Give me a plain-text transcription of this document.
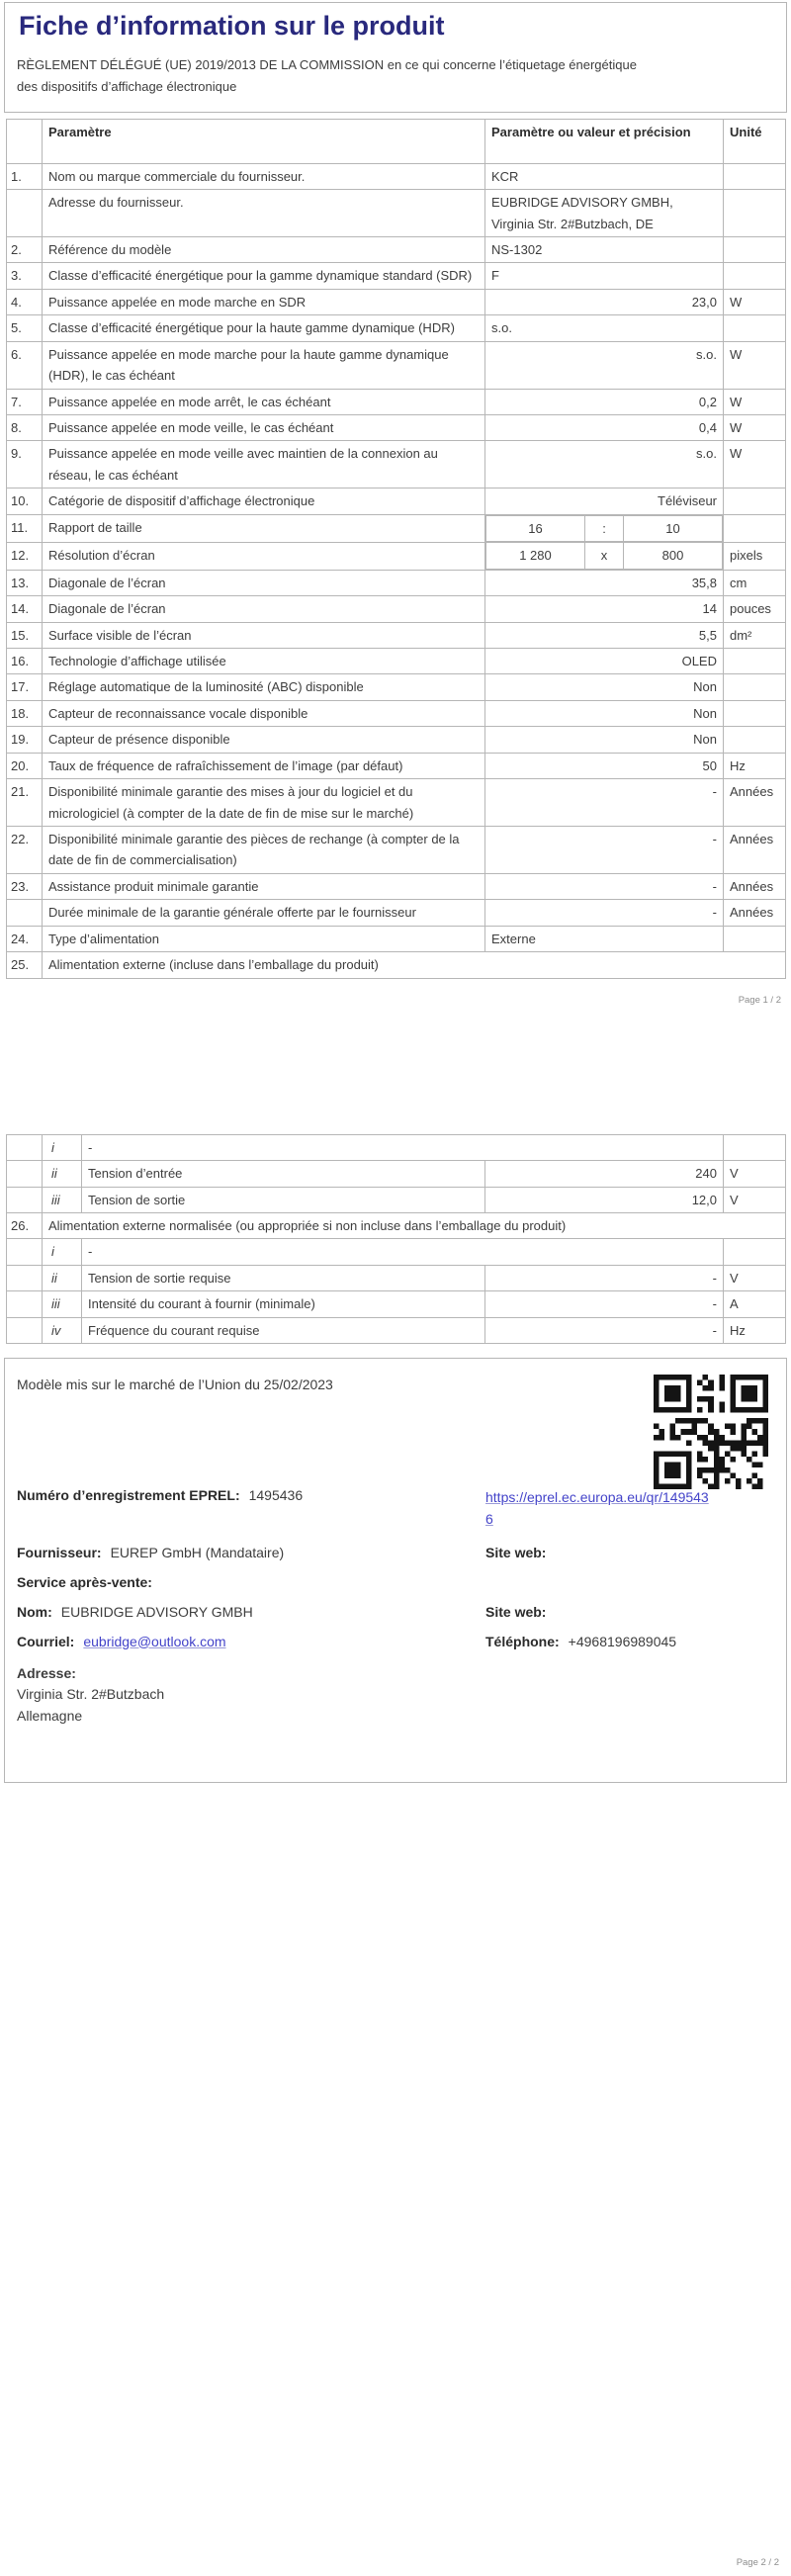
Fiche d’information sur le produit

RÈGLEMENT DÉLÉGUÉ (UE) 2019/2013 DE LA COMMISSION en ce qui concerne l’étiquetage énergétique des dispositifs d’affichage électronique

	Paramètre	Paramètre ou valeur et précision	Unité
1.	Nom ou marque commerciale du fournisseur.	KCR	
	Adresse du fournisseur.	EUBRIDGE ADVISORY GMBH, Virginia Str. 2#Butzbach, DE	
2.	Référence du modèle	NS-1302	
3.	Classe d’efficacité énergétique pour la gamme dynamique standard (SDR)	F	
4.	Puissance appelée en mode marche en SDR	23,0	W
5.	Classe d’efficacité énergétique pour la haute gamme dynamique (HDR)	s.o.	
6.	Puissance appelée en mode marche pour la haute gamme dynamique (HDR), le cas échéant	s.o.	W
7.	Puissance appelée en mode arrêt, le cas échéant	0,2	W
8.	Puissance appelée en mode veille, le cas échéant	0,4	W
9.	Puissance appelée en mode veille avec maintien de la connexion au réseau, le cas échéant	s.o.	W
10.	Catégorie de dispositif d’affichage électronique	Téléviseur	
11.	Rapport de taille		16	:	10

12.	Résolution d’écran		1 280	x	800	pixels
13.	Diagonale de l’écran	35,8	cm
14.	Diagonale de l’écran	14	pouces
15.	Surface visible de l’écran	5,5	dm²
16.	Technologie d’affichage utilisée	OLED	
17.	Réglage automatique de la luminosité (ABC) disponible	Non	
18.	Capteur de reconnaissance vocale disponible	Non	
19.	Capteur de présence disponible	Non	
20.	Taux de fréquence de rafraîchissement de l’image (par défaut)	50	Hz
21.	Disponibilité minimale garantie des mises à jour du logiciel et du micrologiciel (à compter de la date de fin de mise sur le marché)	-	Années
22.	Disponibilité minimale garantie des pièces de rechange (à compter de la date de fin de commercialisation)	-	Années
23.	Assistance produit minimale garantie	-	Années
	Durée minimale de la garantie générale offerte par le fournisseur	-	Années
24.	Type d’alimentation	Externe	
25.	Alimentation externe (incluse dans l’emballage du produit)		
Page 1 / 2
	i	-		
	ii	Tension d’entrée	240	V
	iii	Tension de sortie	12,0	V
26.	Alimentation externe normalisée (ou appropriée si non incluse dans l’emballage du produit)			
	i	-		
	ii	Tension de sortie requise	-	V
	iii	Intensité du courant à fournir (minimale)	-	A
	iv	Fréquence du courant requise	-	Hz

Modèle mis sur le marché de l’Union du 25/02/2023

Numéro d’enregistrement EPREL: 1495436	https://eprel.ec.europa.eu/qr/1495436
Fournisseur: EUREP GmbH (Mandataire)	Site web:
Service après-vente:
Nom: EUBRIDGE ADVISORY GMBH	Site web:
Courriel: eubridge@outlook.com	Téléphone: +4968196989045
Adresse:
Virginia Str. 2#Butzbach
Allemagne
Page 2 / 2
